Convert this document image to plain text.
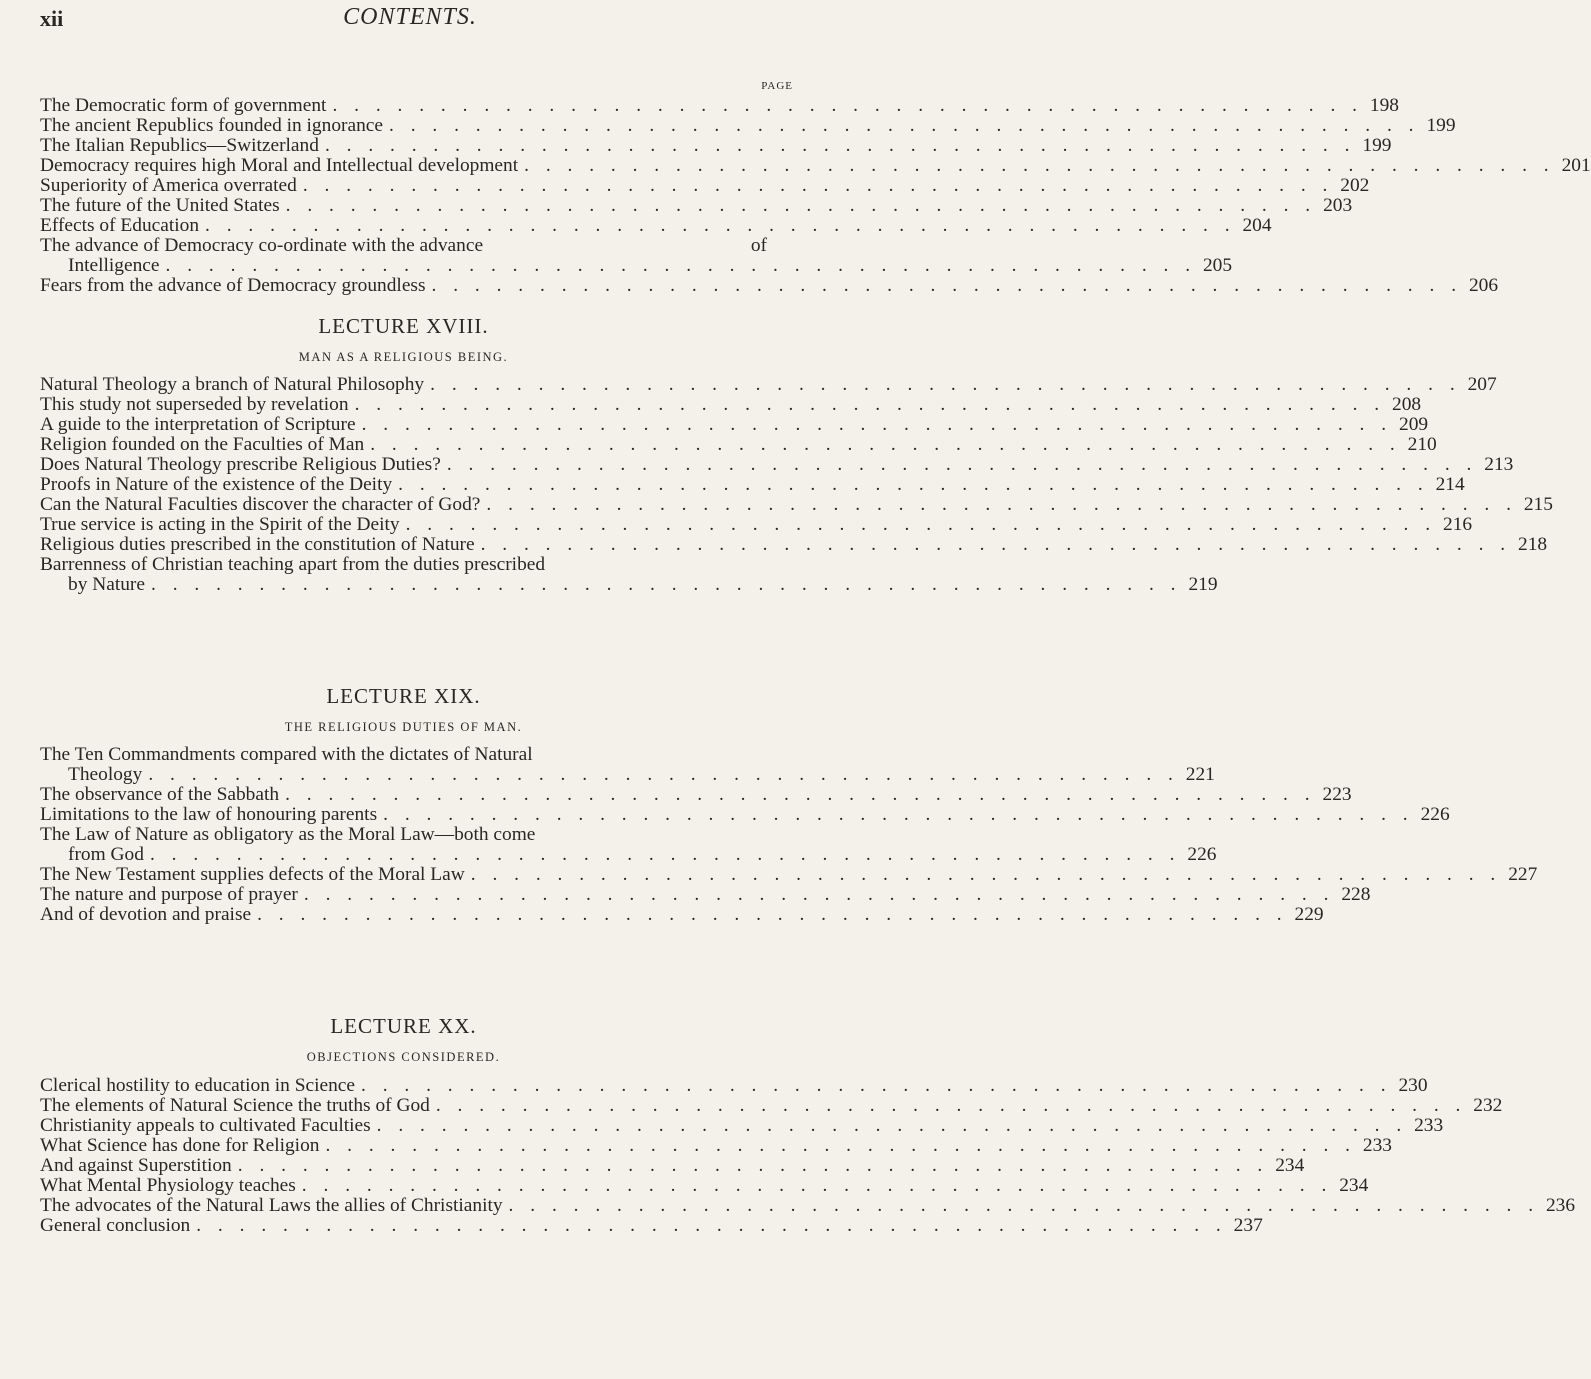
xii	CONTENTS.
PAGE
The Democratic form of government . . . . . . . . . . . . . . . . . . . . . . . . . . . . . . . . . . . . . . . . . . . . . . . . 198
The ancient Republics founded in ignorance . . . . . . . . . . . . . . . . . . . . . . . . . . . . . . . . . . . . . . . . . . . . . . . . 199
The Italian Republics—Switzerland . . . . . . . . . . . . . . . . . . . . . . . . . . . . . . . . . . . . . . . . . . . . . . . . 199
Democracy requires high Moral and Intellectual development . . . . . . . . . . . . . . . . . . . . . . . . . . . . . . . . . . . . . . . . . . . . . . . . 201
Superiority of America overrated . . . . . . . . . . . . . . . . . . . . . . . . . . . . . . . . . . . . . . . . . . . . . . . . 202
The future of the United States . . . . . . . . . . . . . . . . . . . . . . . . . . . . . . . . . . . . . . . . . . . . . . . . 203
Effects of Education . . . . . . . . . . . . . . . . . . . . . . . . . . . . . . . . . . . . . . . . . . . . . . . . 204
The advance of Democracy co-ordinate with the advance	of
Intelligence . . . . . . . . . . . . . . . . . . . . . . . . . . . . . . . . . . . . . . . . . . . . . . . . 205
Fears from the advance of Democracy groundless . . . . . . . . . . . . . . . . . . . . . . . . . . . . . . . . . . . . . . . . . . . . . . . . 206
LECTURE XVIII.
MAN AS A RELIGIOUS BEING.
Natural Theology a branch of Natural Philosophy . . . . . . . . . . . . . . . . . . . . . . . . . . . . . . . . . . . . . . . . . . . . . . . . 207
This study not superseded by revelation . . . . . . . . . . . . . . . . . . . . . . . . . . . . . . . . . . . . . . . . . . . . . . . . 208
A guide to the interpretation of Scripture . . . . . . . . . . . . . . . . . . . . . . . . . . . . . . . . . . . . . . . . . . . . . . . . 209
Religion founded on the Faculties of Man . . . . . . . . . . . . . . . . . . . . . . . . . . . . . . . . . . . . . . . . . . . . . . . . 210
Does Natural Theology prescribe Religious Duties? . . . . . . . . . . . . . . . . . . . . . . . . . . . . . . . . . . . . . . . . . . . . . . . . 213
Proofs in Nature of the existence of the Deity . . . . . . . . . . . . . . . . . . . . . . . . . . . . . . . . . . . . . . . . . . . . . . . . 214
Can the Natural Faculties discover the character of God? . . . . . . . . . . . . . . . . . . . . . . . . . . . . . . . . . . . . . . . . . . . . . . . . 215
True service is acting in the Spirit of the Deity . . . . . . . . . . . . . . . . . . . . . . . . . . . . . . . . . . . . . . . . . . . . . . . . 216
Religious duties prescribed in the constitution of Nature . . . . . . . . . . . . . . . . . . . . . . . . . . . . . . . . . . . . . . . . . . . . . . . . 218
Barrenness of Christian teaching apart from the duties prescribed
by Nature . . . . . . . . . . . . . . . . . . . . . . . . . . . . . . . . . . . . . . . . . . . . . . . . 219
LECTURE XIX.
THE RELIGIOUS DUTIES OF MAN.
The Ten Commandments compared with the dictates of Natural
Theology . . . . . . . . . . . . . . . . . . . . . . . . . . . . . . . . . . . . . . . . . . . . . . . . 221
The observance of the Sabbath . . . . . . . . . . . . . . . . . . . . . . . . . . . . . . . . . . . . . . . . . . . . . . . . 223
Limitations to the law of honouring parents . . . . . . . . . . . . . . . . . . . . . . . . . . . . . . . . . . . . . . . . . . . . . . . . 226
The Law of Nature as obligatory as the Moral Law—both come
from God . . . . . . . . . . . . . . . . . . . . . . . . . . . . . . . . . . . . . . . . . . . . . . . . 226
The New Testament supplies defects of the Moral Law . . . . . . . . . . . . . . . . . . . . . . . . . . . . . . . . . . . . . . . . . . . . . . . . 227
The nature and purpose of prayer . . . . . . . . . . . . . . . . . . . . . . . . . . . . . . . . . . . . . . . . . . . . . . . . 228
And of devotion and praise . . . . . . . . . . . . . . . . . . . . . . . . . . . . . . . . . . . . . . . . . . . . . . . . 229
LECTURE XX.
OBJECTIONS CONSIDERED.
Clerical hostility to education in Science . . . . . . . . . . . . . . . . . . . . . . . . . . . . . . . . . . . . . . . . . . . . . . . . 230
The elements of Natural Science the truths of God . . . . . . . . . . . . . . . . . . . . . . . . . . . . . . . . . . . . . . . . . . . . . . . . 232
Christianity appeals to cultivated Faculties . . . . . . . . . . . . . . . . . . . . . . . . . . . . . . . . . . . . . . . . . . . . . . . . 233
What Science has done for Religion . . . . . . . . . . . . . . . . . . . . . . . . . . . . . . . . . . . . . . . . . . . . . . . . 233
And against Superstition . . . . . . . . . . . . . . . . . . . . . . . . . . . . . . . . . . . . . . . . . . . . . . . . 234
What Mental Physiology teaches . . . . . . . . . . . . . . . . . . . . . . . . . . . . . . . . . . . . . . . . . . . . . . . . 234
The advocates of the Natural Laws the allies of Christianity . . . . . . . . . . . . . . . . . . . . . . . . . . . . . . . . . . . . . . . . . . . . . . . . 236
General conclusion . . . . . . . . . . . . . . . . . . . . . . . . . . . . . . . . . . . . . . . . . . . . . . . . 237
